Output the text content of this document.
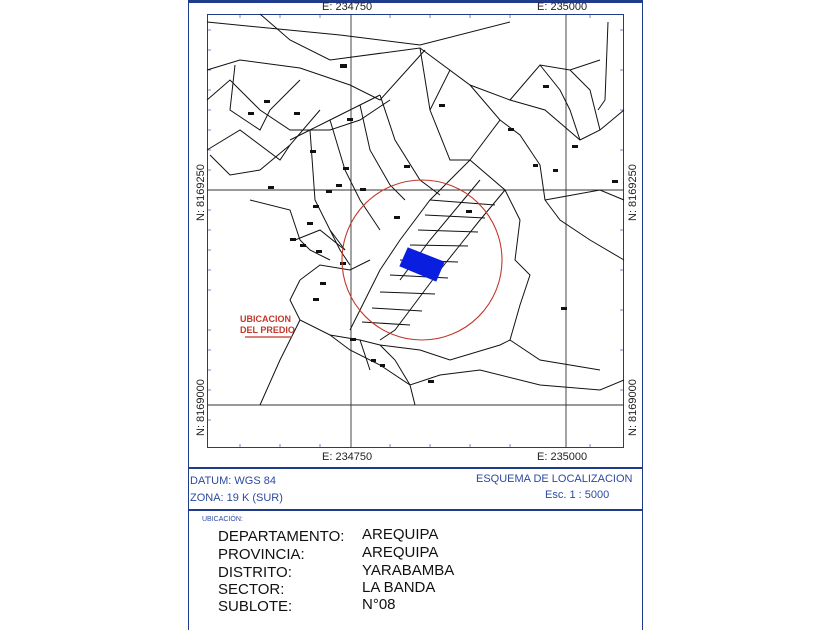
E: 234750	E: 235000
E: 234750	E: 235000
N: 8169250
N: 8169000
N: 8169250
N: 8169000
UBICACION
DEL PREDIO
DATUM: WGS 84
ZONA: 19 K (SUR)
ESQUEMA DE LOCALIZACION
Esc. 1 : 5000
UBICACIÓN:
DEPARTAMENTO: AREQUIPA
PROVINCIA:	AREQUIPA
DISTRITO:	YARABAMBA
SECTOR:	LA BANDA
SUBLOTE:	N°08
